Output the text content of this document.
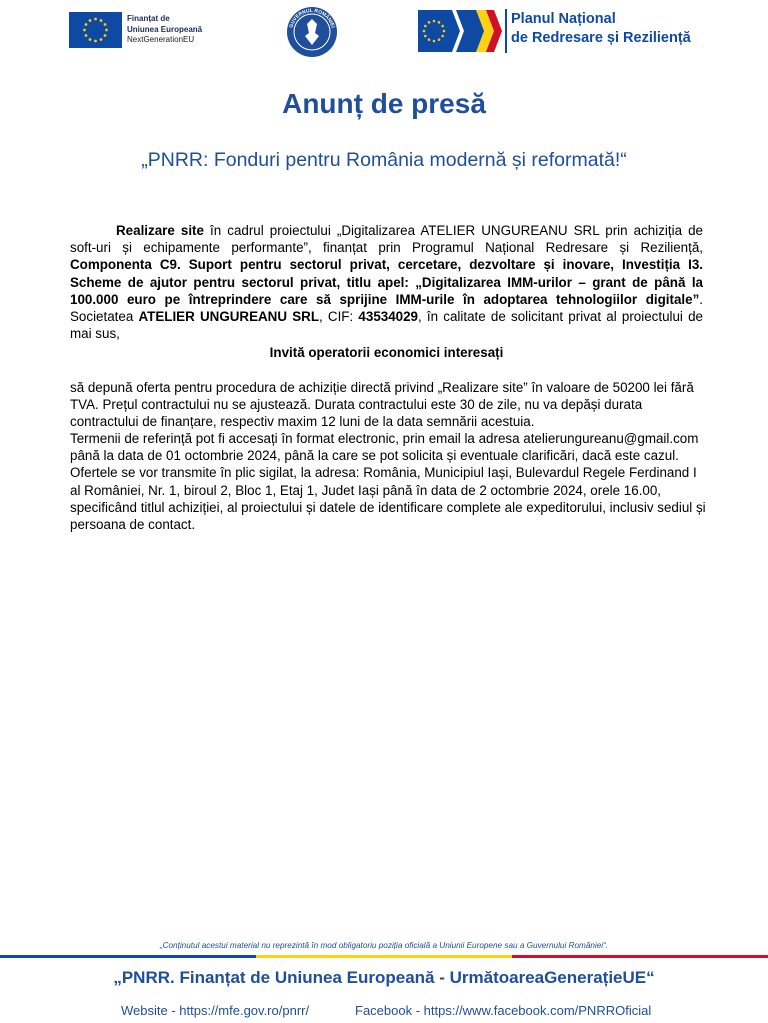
Finanțat de
Uniunea Europeană
NextGenerationEU
GUVERNUL ROMÂNIEI
Planul Național
de Redresare și Reziliență
Anunț de presă
„PNRR: Fonduri pentru România modernă și reformată!“
Realizare site în cadrul proiectului „Digitalizarea ATELIER UNGUREANU SRL prin achiziția de soft-uri și echipamente performante”, finanțat prin Programul Național Redresare și Reziliență, Componenta C9. Suport pentru sectorul privat, cercetare, dezvoltare și inovare, Investiția I3. Scheme de ajutor pentru sectorul privat, titlu apel: „Digitalizarea IMM-urilor – grant de până la 100.000 euro pe întreprindere care să sprijine IMM-urile în adoptarea tehnologiilor digitale”. Societatea ATELIER UNGUREANU SRL, CIF: 43534029, în calitate de solicitant privat al proiectului de mai sus,
Invită operatorii economici interesați

să depună oferta pentru procedura de achiziție directă privind „Realizare site” în valoare de 50200 lei fără TVA. Prețul contractului nu se ajustează. Durata contractului este 30 de zile, nu va depăși durata contractului de finanțare, respectiv maxim 12 luni de la data semnării acestuia.

Termenii de referință pot fi accesați în format electronic, prin email la adresa atelierungureanu@gmail.com până la data de 01 octombrie 2024, până la care se pot solicita și eventuale clarificări, dacă este cazul. Ofertele se vor transmite în plic sigilat, la adresa: România, Municipiul Iași, Bulevardul Regele Ferdinand I al României, Nr. 1, biroul 2, Bloc 1, Etaj 1, Judet Iași până în data de 2 octombrie 2024, orele 16.00, specificând titlul achiziției, al proiectului și datele de identificare complete ale expeditorului, inclusiv sediul și persoana de contact.

„Conținutul acestui material nu reprezintă în mod obligatoriu poziția oficială a Uniunii Europene sau a Guvernului României“.
„PNRR. Finanțat de Uniunea Europeană - UrmătoareaGenerațieUE“
Website - https://mfe.gov.ro/pnrr/	Facebook - https://www.facebook.com/PNRROficial
